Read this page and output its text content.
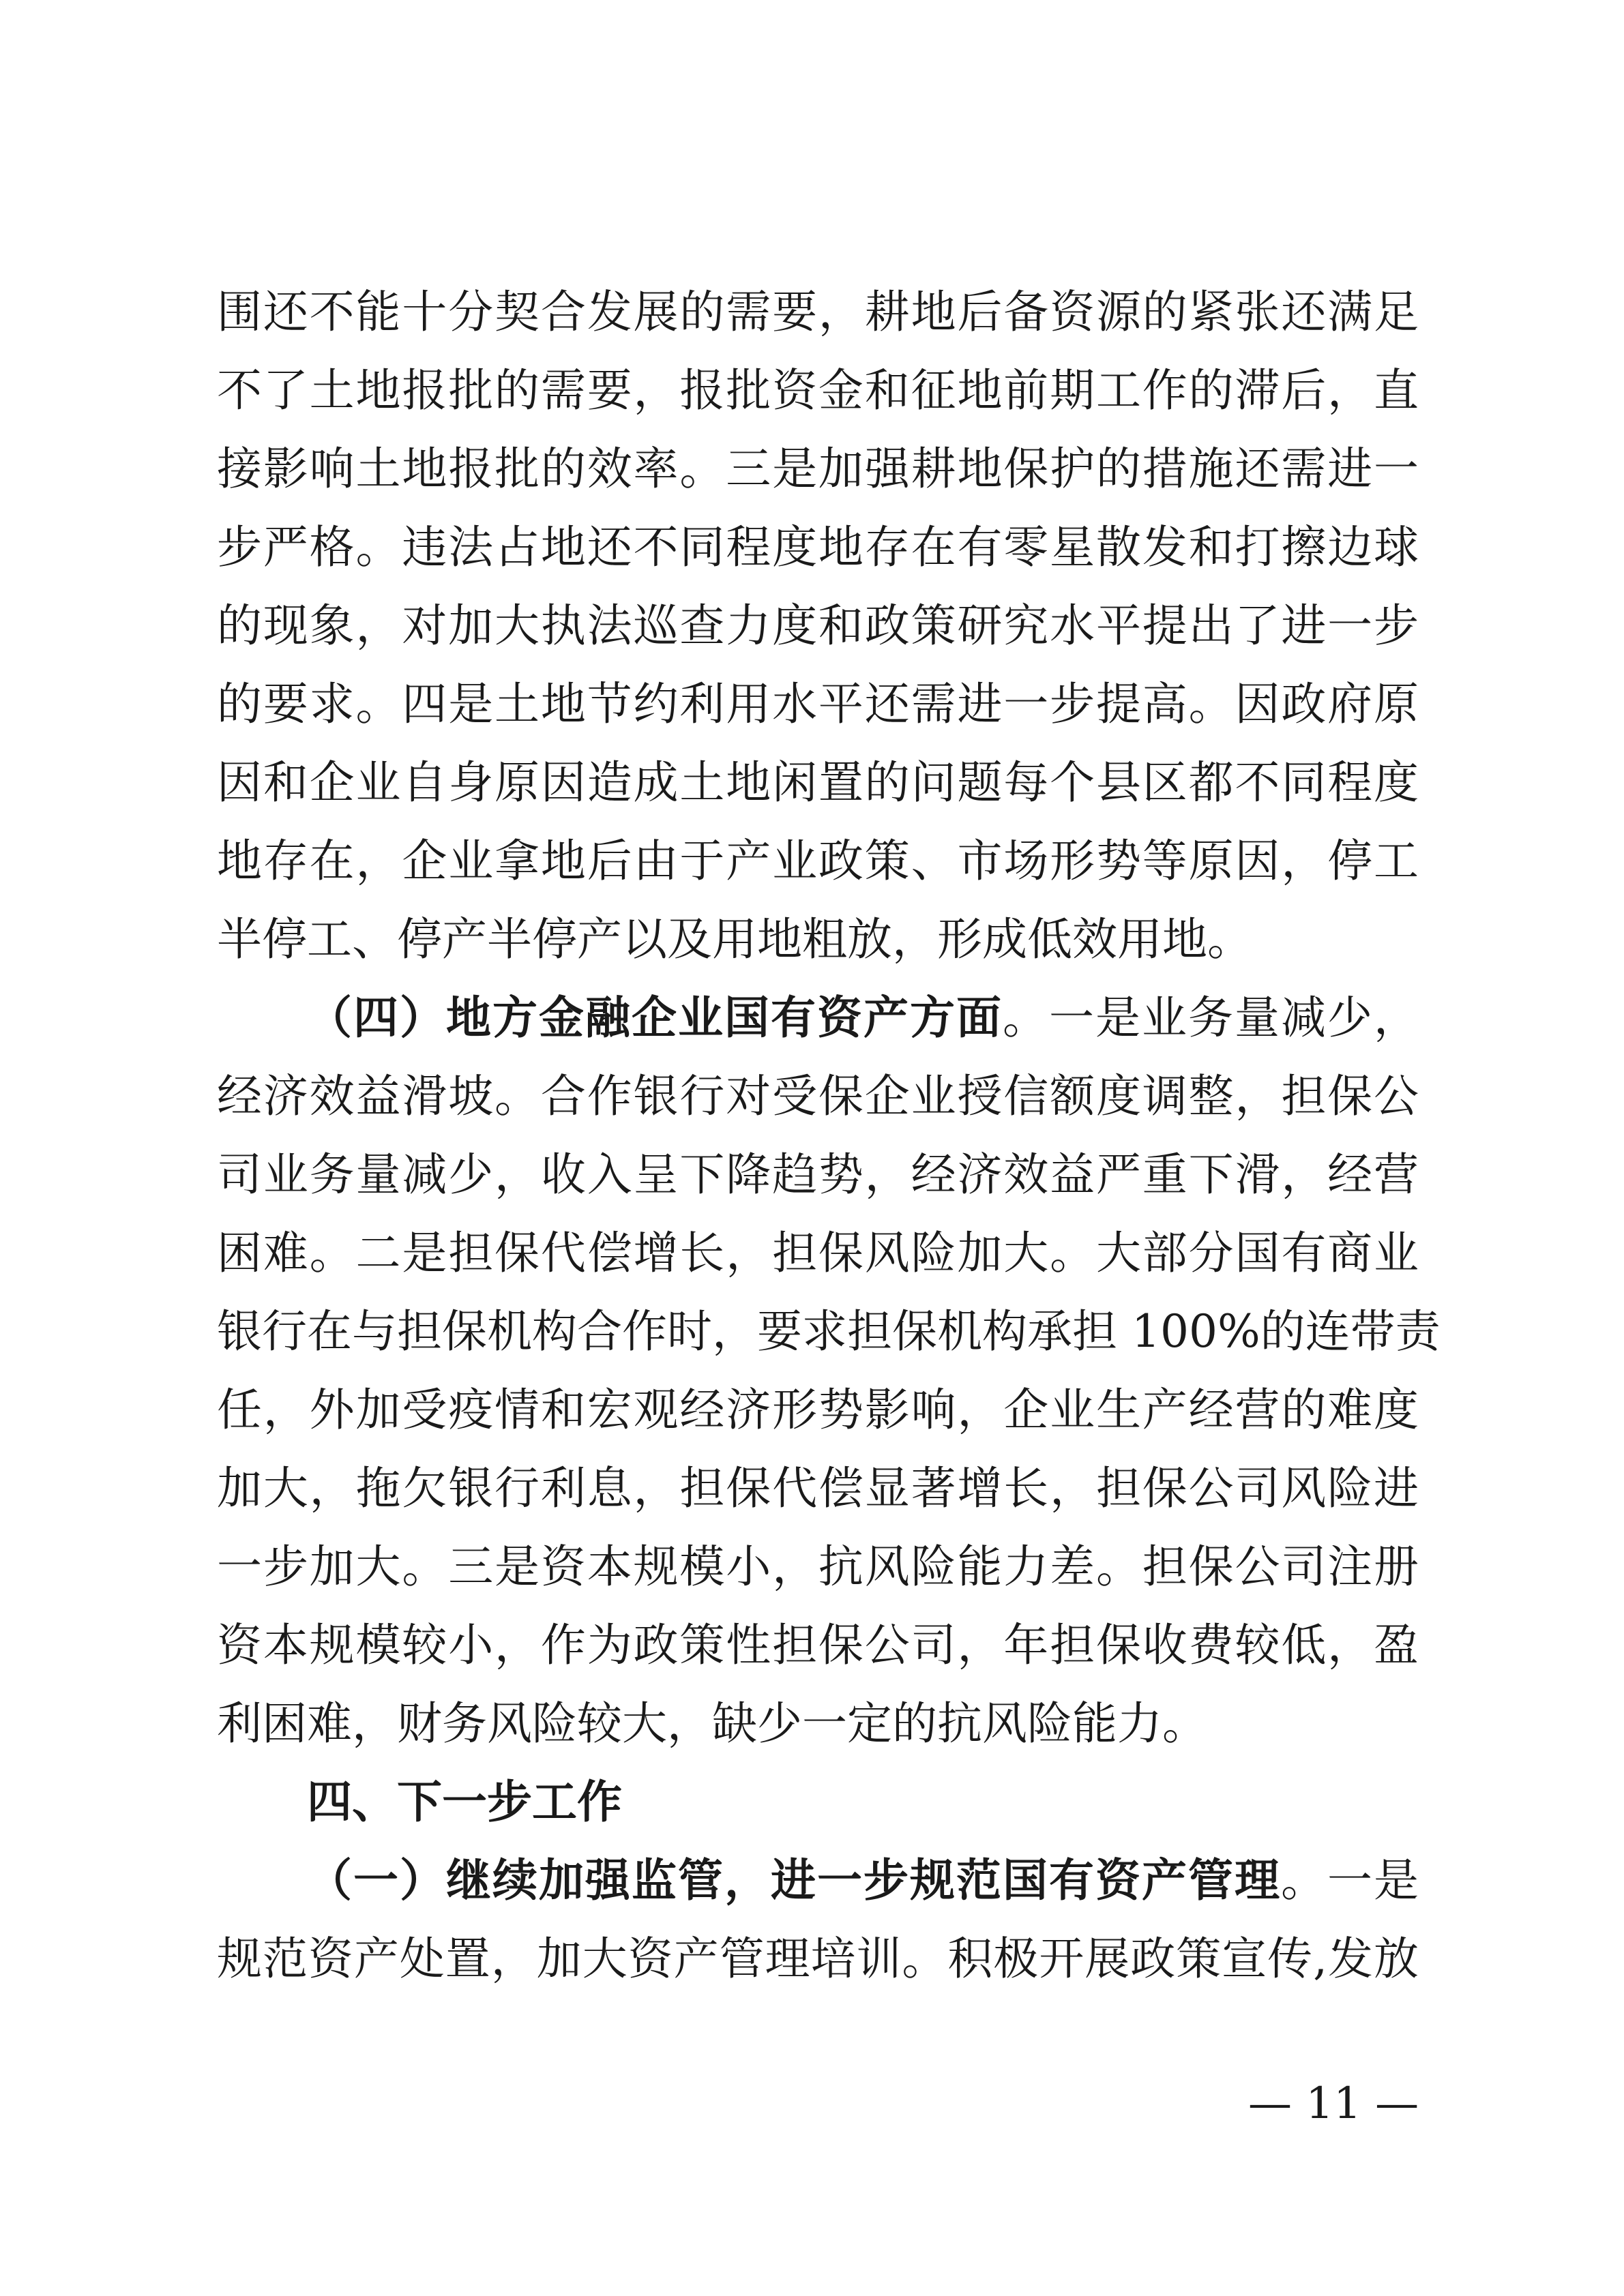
围还不能十分契合发展的需要，耕地后备资源的紧张还满足
不了土地报批的需要，报批资金和征地前期工作的滞后，直
接影响土地报批的效率。三是加强耕地保护的措施还需进一
步严格。违法占地还不同程度地存在有零星散发和打擦边球
的现象，对加大执法巡查力度和政策研究水平提出了进一步
的要求。四是土地节约利用水平还需进一步提高。因政府原
因和企业自身原因造成土地闲置的问题每个县区都不同程度
地存在，企业拿地后由于产业政策、市场形势等原因，停工
半停工、停产半停产以及用地粗放，形成低效用地。
（四）地方金融企业国有资产方面。一是业务量减少，
经济效益滑坡。合作银行对受保企业授信额度调整，担保公
司业务量减少，收入呈下降趋势，经济效益严重下滑，经营
困难。二是担保代偿增长，担保风险加大。大部分国有商业
银行在与担保机构合作时，要求担保机构承担 100%的连带责
任，外加受疫情和宏观经济形势影响，企业生产经营的难度
加大，拖欠银行利息，担保代偿显著增长，担保公司风险进
一步加大。三是资本规模小，抗风险能力差。担保公司注册
资本规模较小，作为政策性担保公司，年担保收费较低，盈
利困难，财务风险较大，缺少一定的抗风险能力。
四、下一步工作
（一）继续加强监管，进一步规范国有资产管理。一是
规范资产处置，加大资产管理培训。积极开展政策宣传,发放
— 11 —
